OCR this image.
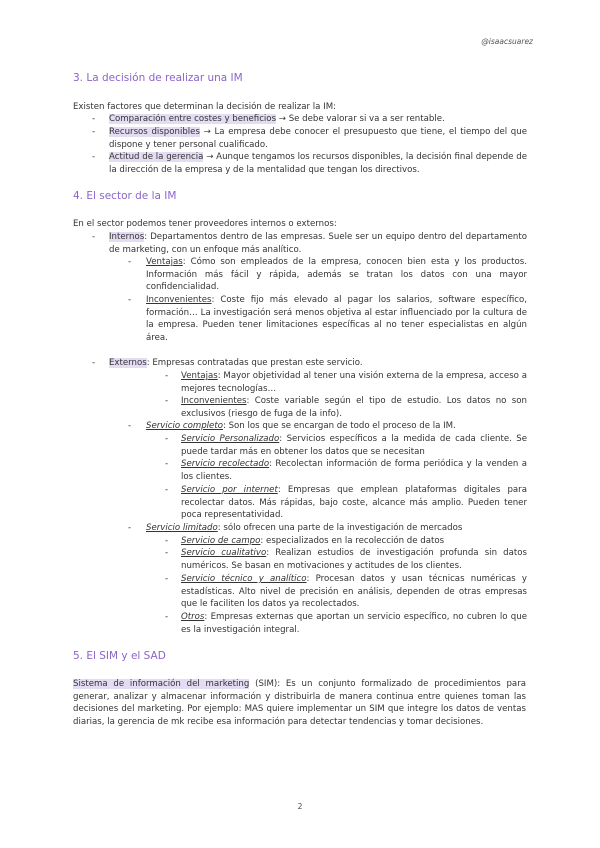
@isaacsuarez
3. La decisión de realizar una IM

Existen factores que determinan la decisión de realizar la IM:

- Comparación entre costes y beneficios → Se debe valorar si va a ser rentable.

- Recursos disponibles → La empresa debe conocer el presupuesto que tiene, el tiempo del que dispone y tener personal cualificado.

- Actitud de la gerencia → Aunque tengamos los recursos disponibles, la decisión final depende de la dirección de la empresa y de la mentalidad que tengan los directivos.

4. El sector de la IM

En el sector podemos tener proveedores internos o externos:

- Internos: Departamentos dentro de las empresas. Suele ser un equipo dentro del departamento de marketing, con un enfoque más analítico.

- Ventajas: Cómo son empleados de la empresa, conocen bien esta y los productos. Información más fácil y rápida, además se tratan los datos con una mayor confidencialidad.

- Inconvenientes: Coste fijo más elevado al pagar los salarios, software específico, formación… La investigación será menos objetiva al estar influenciado por la cultura de la empresa. Pueden tener limitaciones específicas al no tener especialistas en algún área.

- Externos: Empresas contratadas que prestan este servicio.

- Ventajas: Mayor objetividad al tener una visión externa de la empresa, acceso a mejores tecnologías…

- Inconvenientes: Coste variable según el tipo de estudio. Los datos no son exclusivos (riesgo de fuga de la info).

- Servicio completo: Son los que se encargan de todo el proceso de la IM.

- Servicio Personalizado: Servicios específicos a la medida de cada cliente. Se puede tardar más en obtener los datos que se necesitan

- Servicio recolectado: Recolectan información de forma periódica y la venden a los clientes.

- Servicio por internet: Empresas que emplean plataformas digitales para recolectar datos. Más rápidas, bajo coste, alcance más amplio. Pueden tener poca representatividad.

- Servicio limitado: sólo ofrecen una parte de la investigación de mercados

- Servicio de campo: especializados en la recolección de datos

- Servicio cualitativo: Realizan estudios de investigación profunda sin datos numéricos. Se basan en motivaciones y actitudes de los clientes.

- Servicio técnico y analítico: Procesan datos y usan técnicas numéricas y estadísticas. Alto nivel de precisión en análisis, dependen de otras empresas que le faciliten los datos ya recolectados.

- Otros: Empresas externas que aportan un servicio específico, no cubren lo que es la investigación integral.

5. El SIM y el SAD

Sistema de información del marketing (SIM): Es un conjunto formalizado de procedimientos para generar, analizar y almacenar información y distribuirla de manera continua entre quienes toman las decisiones del marketing. Por ejemplo: MAS quiere implementar un SIM que integre los datos de ventas diarias, la gerencia de mk recibe esa información para detectar tendencias y tomar decisiones.

2
